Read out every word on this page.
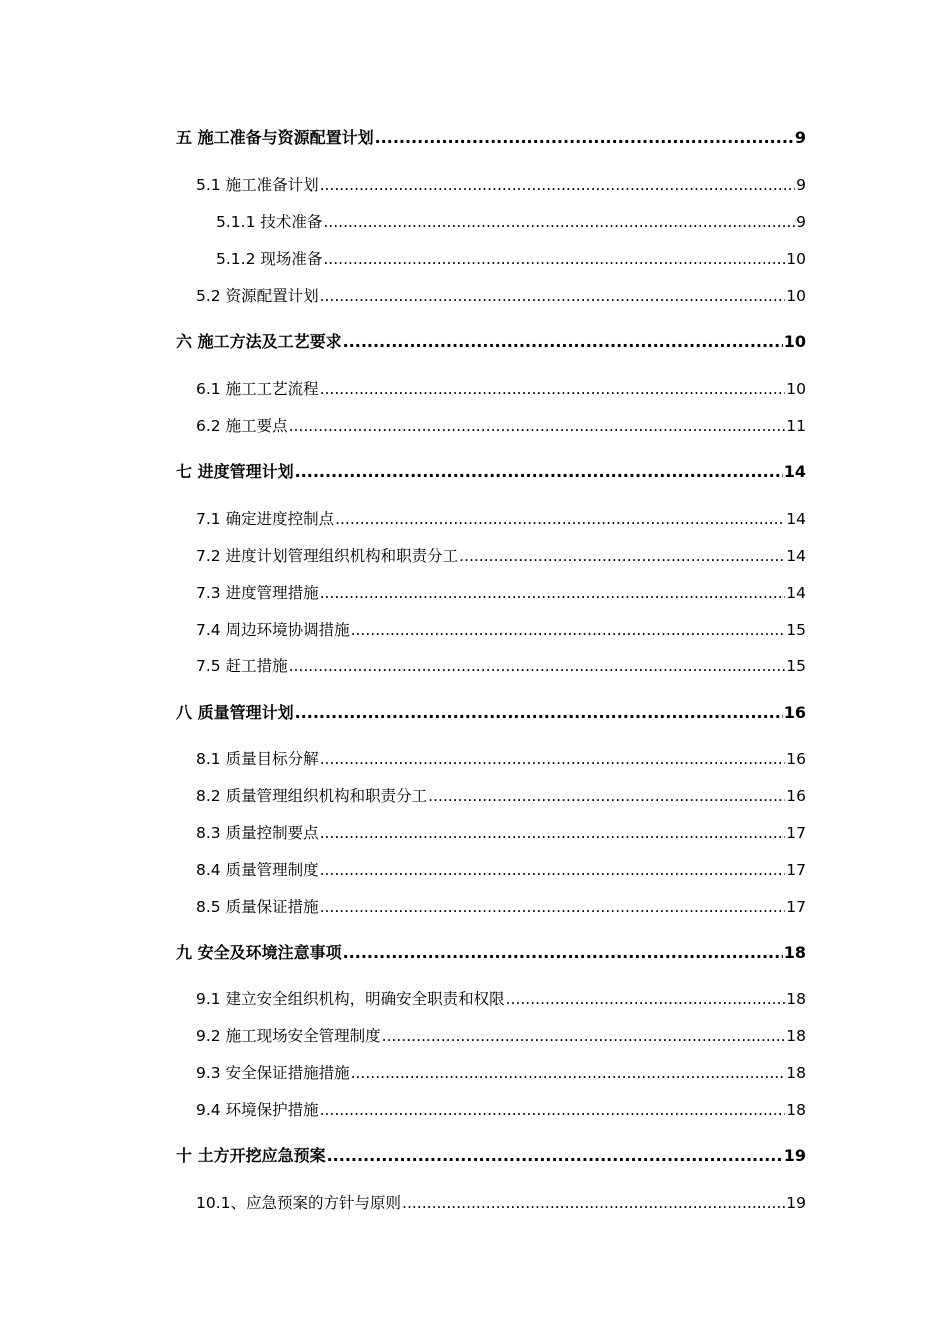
五 施工准备与资源配置计划 .....	9
5.1 施工准备计划 .....	9
5.1.1 技术准备 .....	9
5.1.2 现场准备 .....	10
5.2 资源配置计划 .....	10
六 施工方法及工艺要求 .....	10
6.1 施工工艺流程 .....	10
6.2 施工要点 .....	11
七 进度管理计划 .....	14
7.1 确定进度控制点 .....	14
7.2 进度计划管理组织机构和职责分工 .....	14
7.3 进度管理措施 .....	14
7.4 周边环境协调措施 .....	15
7.5 赶工措施 .....	15
八 质量管理计划 .....	16
8.1 质量目标分解 .....	16
8.2 质量管理组织机构和职责分工 .....	16
8.3 质量控制要点 .....	17
8.4 质量管理制度 .....	17
8.5 质量保证措施 .....	17
九 安全及环境注意事项 .....	18
9.1 建立安全组织机构，明确安全职责和权限 .....	18
9.2 施工现场安全管理制度 .....	18
9.3 安全保证措施措施 .....	18
9.4 环境保护措施 .....	18
十 土方开挖应急预案 .....	19
10.1、应急预案的方针与原则 .....	19
